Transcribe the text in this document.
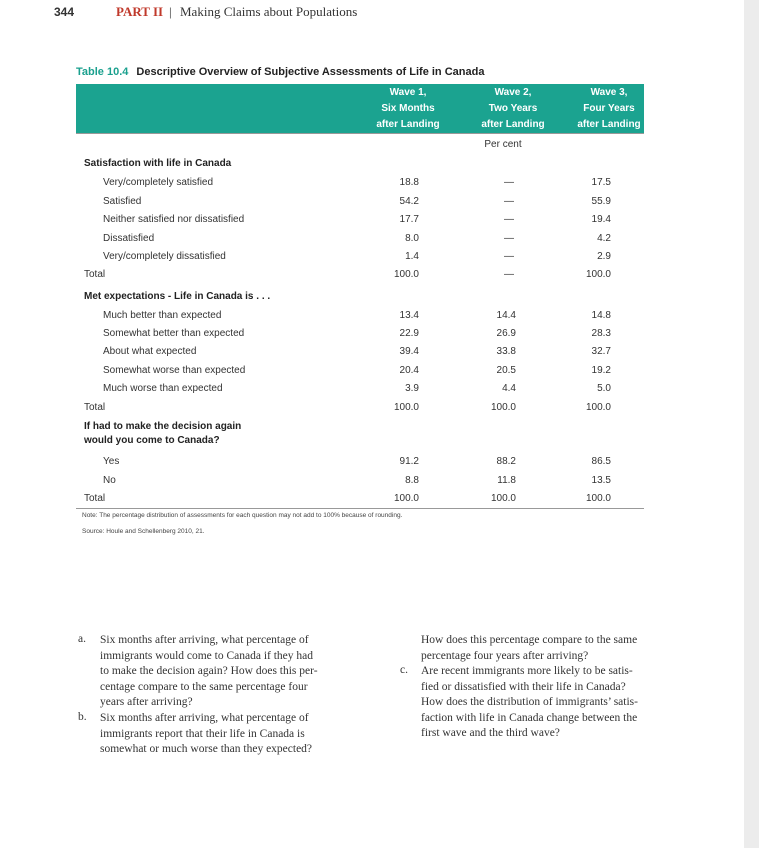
344	PART II | Making Claims about Populations
Table 10.4 Descriptive Overview of Subjective Assessments of Life in Canada
Wave 1,
Six Months
after Landing
Wave 2,
Two Years
after Landing
Wave 3,
Four Years
after Landing
Per cent
Satisfaction with life in Canada
Very/completely satisfied	18.8	—	17.5
Satisfied	54.2	—	55.9
Neither satisfied nor dissatisfied	17.7	—	19.4
Dissatisfied	8.0	—	4.2
Very/completely dissatisfied	1.4	—	2.9
Total	100.0	—	100.0
Met expectations - Life in Canada is . . .
Much better than expected	13.4	14.4	14.8
Somewhat better than expected	22.9	26.9	28.3
About what expected	39.4	33.8	32.7
Somewhat worse than expected	20.4	20.5	19.2
Much worse than expected	3.9	4.4	5.0
Total	100.0	100.0	100.0
If had to make the decision again
would you come to Canada?
Yes	91.2	88.2	86.5
No	8.8	11.8	13.5
Total	100.0	100.0	100.0
Note: The percentage distribution of assessments for each question may not add to 100% because of rounding.
Source: Houle and Schellenberg 2010, 21.
a. Six months after arriving, what percentage of
immigrants would come to Canada if they had
to make the decision again? How does this per-
centage compare to the same percentage four
years after arriving?
b. Six months after arriving, what percentage of
immigrants report that their life in Canada is
somewhat or much worse than they expected?
How does this percentage compare to the same
percentage four years after arriving?
c. Are recent immigrants more likely to be satis-
fied or dissatisfied with their life in Canada?
How does the distribution of immigrants’ satis-
faction with life in Canada change between the
first wave and the third wave?
